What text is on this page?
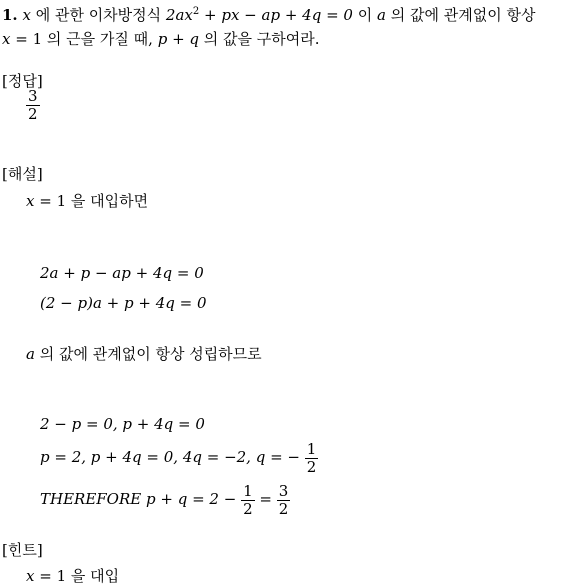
1. x 에 관한 이차방정식 $2ax^2$ + px − ap + 4q = 0 이 a 의 값에 관계없이 항상
x = 1 의 근을 가질 때, p + q 의 값을 구하여라.
[정답]
$\frac{3}{2}$
[해설]
x = 1 을 대입하면
2a + p − ap + 4q = 0
(2 − p)a + p + 4q = 0
a 의 값에 관계없이 항상 성립하므로
2 − p = 0, p + 4q = 0
p = 2, p + 4q = 0, 4q = −2, q = − $\frac{1}{2}$
THEREFORE $p + q = 2 - \frac{1}{2} = \frac{3}{2}$
[힌트]
x = 1 을 대입
